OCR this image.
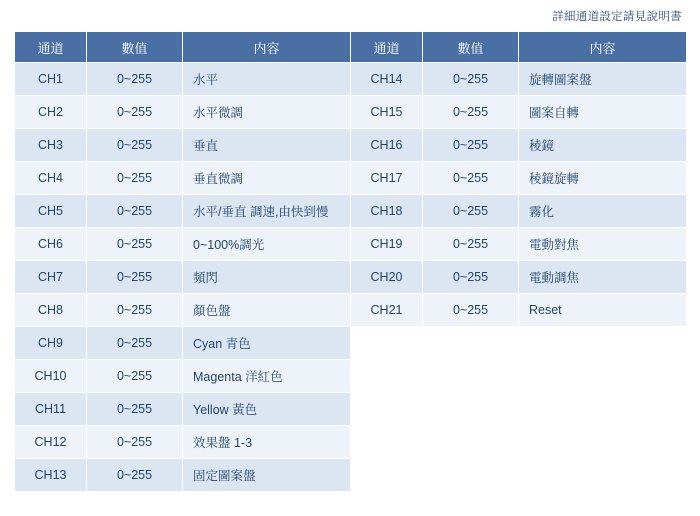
詳細通道設定請見說明書
通道	數值	内容	通道	數值	内容
CH1	0~255	水平	CH14	0~255	旋轉圖案盤
CH2	0~255	水平微調	CH15	0~255	圖案自轉
CH3	0~255	垂直	CH16	0~255	稜鏡
CH4	0~255	垂直微調	CH17	0~255	稜鏡旋轉
CH5	0~255	水平/垂直 調速,由快到慢	CH18	0~255	霧化
CH6	0~255	0~100%調光	CH19	0~255	電動對焦
CH7	0~255	頻閃	CH20	0~255	電動調焦
CH8	0~255	顏色盤	CH21	0~255	Reset
CH9	0~255	Cyan 青色			
CH10	0~255	Magenta 洋紅色			
CH11	0~255	Yellow 黃色			
CH12	0~255	效果盤 1-3			
CH13	0~255	固定圖案盤			
